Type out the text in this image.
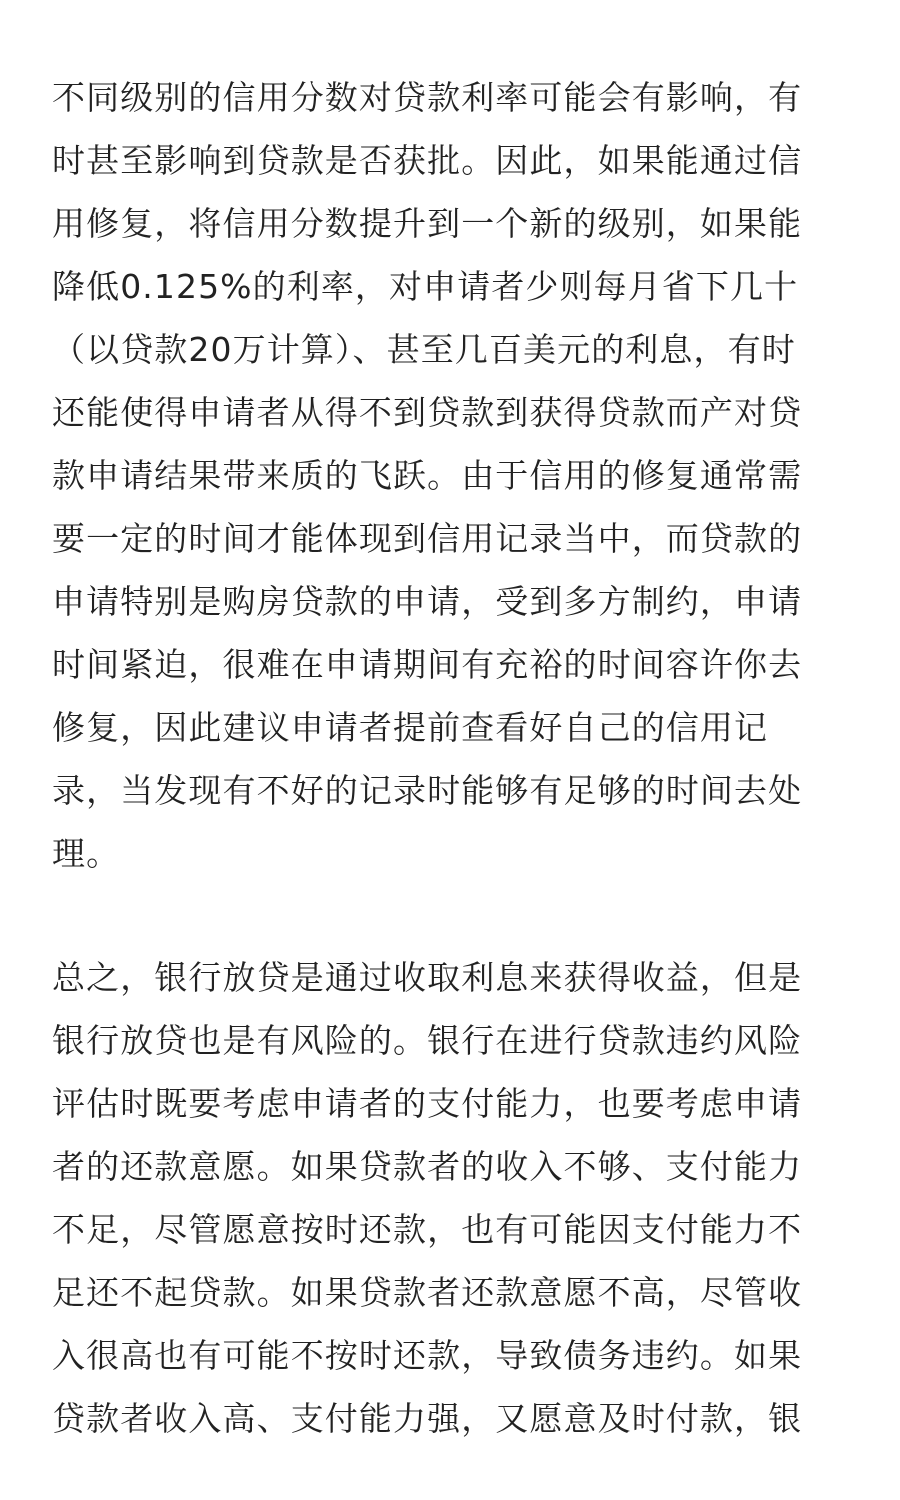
不同级别的信用分数对贷款利率可能会有影响，有
时甚至影响到贷款是否获批。因此，如果能通过信
用修复，将信用分数提升到一个新的级别，如果能
降低0.125%的利率，对申请者少则每月省下几十
（以贷款20万计算）、甚至几百美元的利息，有时
还能使得申请者从得不到贷款到获得贷款而产对贷
款申请结果带来质的飞跃。由于信用的修复通常需
要一定的时间才能体现到信用记录当中，而贷款的
申请特别是购房贷款的申请，受到多方制约，申请
时间紧迫，很难在申请期间有充裕的时间容许你去
修复，因此建议申请者提前查看好自己的信用记
录，当发现有不好的记录时能够有足够的时间去处
理。
总之，银行放贷是通过收取利息来获得收益，但是
银行放贷也是有风险的。银行在进行贷款违约风险
评估时既要考虑申请者的支付能力，也要考虑申请
者的还款意愿。如果贷款者的收入不够、支付能力
不足，尽管愿意按时还款，也有可能因支付能力不
足还不起贷款。如果贷款者还款意愿不高，尽管收
入很高也有可能不按时还款，导致债务违约。如果
贷款者收入高、支付能力强，又愿意及时付款，银
